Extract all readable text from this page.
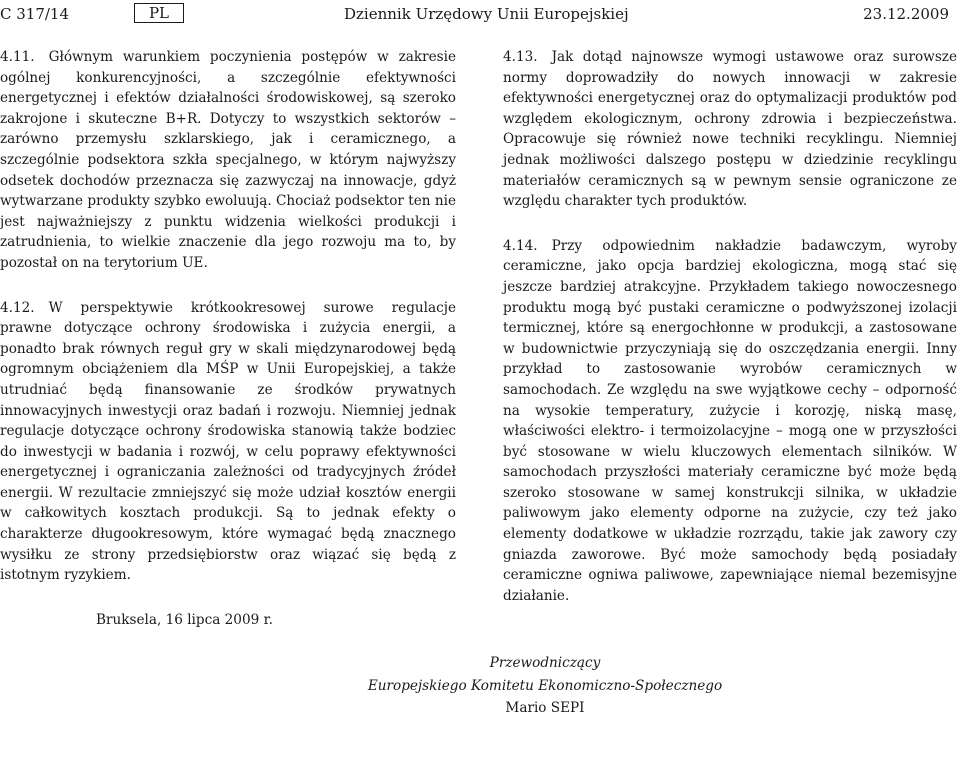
C 317/14	PL	Dziennik Urzędowy Unii Europejskiej	23.12.2009

4.11. Głównym warunkiem poczynienia postępów w zakresie ogólnej konkurencyjności, a szczególnie efektywności energetycznej i efektów działalności środowiskowej, są szeroko zakrojone i skuteczne B+R. Dotyczy to wszystkich sektorów – zarówno przemysłu szklarskiego, jak i ceramicznego, a szczególnie podsektora szkła specjalnego, w którym najwyższy odsetek dochodów przeznacza się zazwyczaj na innowacje, gdyż wytwarzane produkty szybko ewoluują. Chociaż podsektor ten nie jest najważniejszy z punktu widzenia wielkości produkcji i zatrudnienia, to wielkie znaczenie dla jego rozwoju ma to, by pozostał on na terytorium UE.

4.12. W perspektywie krótkookresowej surowe regulacje prawne dotyczące ochrony środowiska i zużycia energii, a ponadto brak równych reguł gry w skali międzynarodowej będą ogromnym obciążeniem dla MŚP w Unii Europejskiej, a także utrudniać będą finansowanie ze środków prywatnych innowacyjnych inwestycji oraz badań i rozwoju. Niemniej jednak regulacje dotyczące ochrony środowiska stanowią także bodziec do inwestycji w badania i rozwój, w celu poprawy efektywności energetycznej i ograniczania zależności od tradycyjnych źródeł energii. W rezultacie zmniejszyć się może udział kosztów energii w całkowitych kosztach produkcji. Są to jednak efekty o charakterze długookresowym, które wymagać będą znacznego wysiłku ze strony przedsiębiorstw oraz wiązać się będą z istotnym ryzykiem.

4.13. Jak dotąd najnowsze wymogi ustawowe oraz surowsze normy doprowadziły do nowych innowacji w zakresie efektywności energetycznej oraz do optymalizacji produktów pod względem ekologicznym, ochrony zdrowia i bezpieczeństwa. Opracowuje się również nowe techniki recyklingu. Niemniej jednak możliwości dalszego postępu w dziedzinie recyklingu materiałów ceramicznych są w pewnym sensie ograniczone ze względu charakter tych produktów.

4.14. Przy odpowiednim nakładzie badawczym, wyroby ceramiczne, jako opcja bardziej ekologiczna, mogą stać się jeszcze bardziej atrakcyjne. Przykładem takiego nowoczesnego produktu mogą być pustaki ceramiczne o podwyższonej izolacji termicznej, które są energochłonne w produkcji, a zastosowane w budownictwie przyczyniają się do oszczędzania energii. Inny przykład to zastosowanie wyrobów ceramicznych w samochodach. Ze względu na swe wyjątkowe cechy – odporność na wysokie temperatury, zużycie i korozję, niską masę, właściwości elektro- i termoizolacyjne – mogą one w przyszłości być stosowane w wielu kluczowych elementach silników. W samochodach przyszłości materiały ceramiczne być może będą szeroko stosowane w samej konstrukcji silnika, w układzie paliwowym jako elementy odporne na zużycie, czy też jako elementy dodatkowe w układzie rozrządu, takie jak zawory czy gniazda zaworowe. Być może samochody będą posiadały ceramiczne ogniwa paliwowe, zapewniające niemal bezemisyjne działanie.

Bruksela, 16 lipca 2009 r.
Przewodniczący
Europejskiego Komitetu Ekonomiczno-Społecznego
Mario SEPI
